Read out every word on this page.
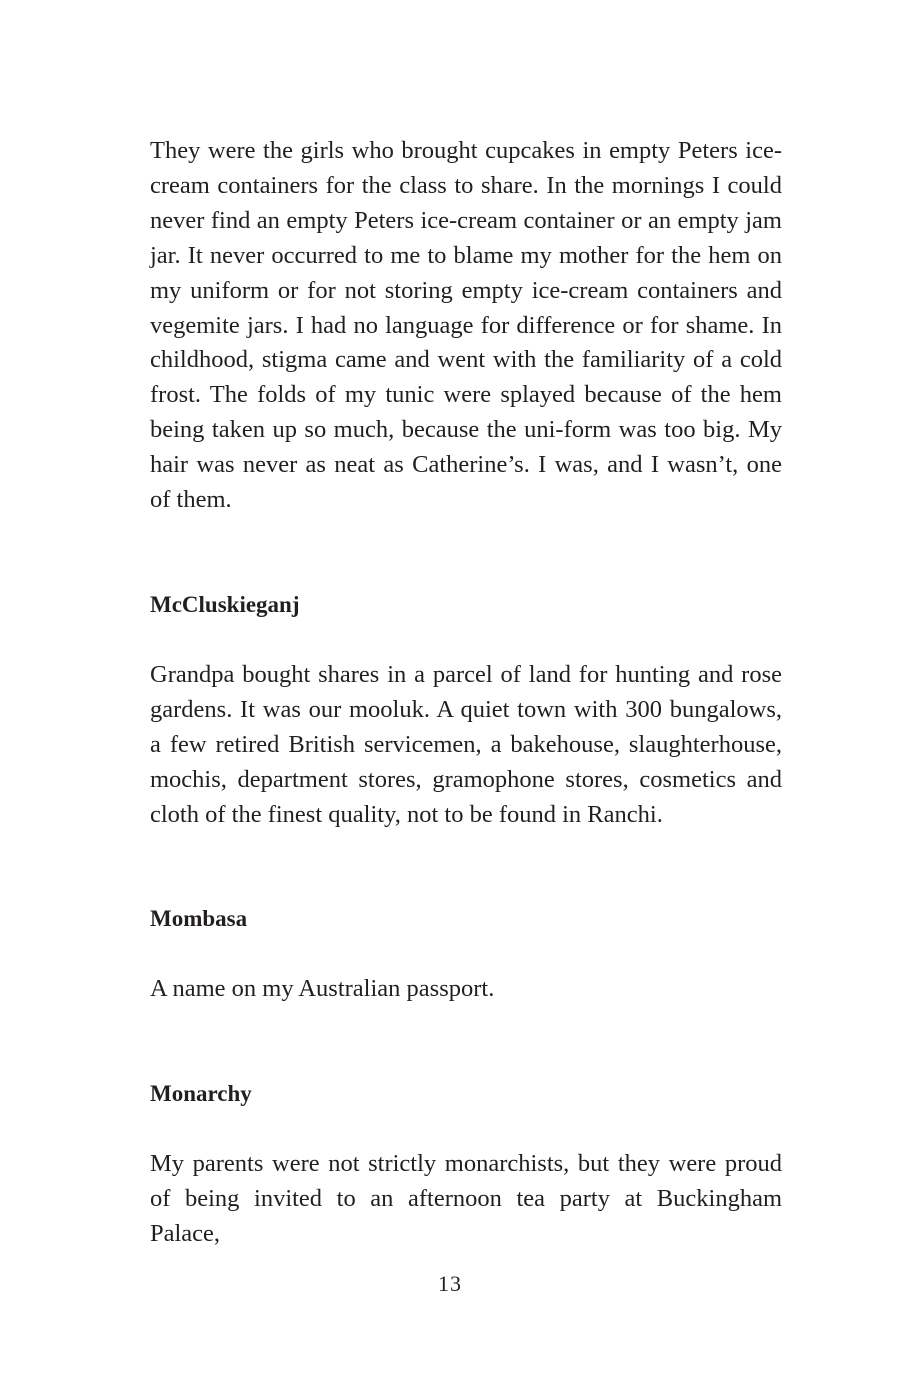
They were the girls who brought cupcakes in empty Peters ice-cream containers for the class to share. In the mornings I could never find an empty Peters ice-cream container or an empty jam jar. It never occurred to me to blame my mother for the hem on my uniform or for not storing empty ice-cream containers and vegemite jars. I had no language for difference or for shame. In childhood, stigma came and went with the familiarity of a cold frost. The folds of my tunic were splayed because of the hem being taken up so much, because the uni-form was too big. My hair was never as neat as Catherine’s. I was, and I wasn’t, one of them.

McCluskieganj

Grandpa bought shares in a parcel of land for hunting and rose gardens. It was our mooluk. A quiet town with 300 bungalows, a few retired British servicemen, a bakehouse, slaughterhouse, mochis, department stores, gramophone stores, cosmetics and cloth of the finest quality, not to be found in Ranchi.

Mombasa

A name on my Australian passport.

Monarchy

My parents were not strictly monarchists, but they were proud of being invited to an afternoon tea party at Buckingham Palace,

13
